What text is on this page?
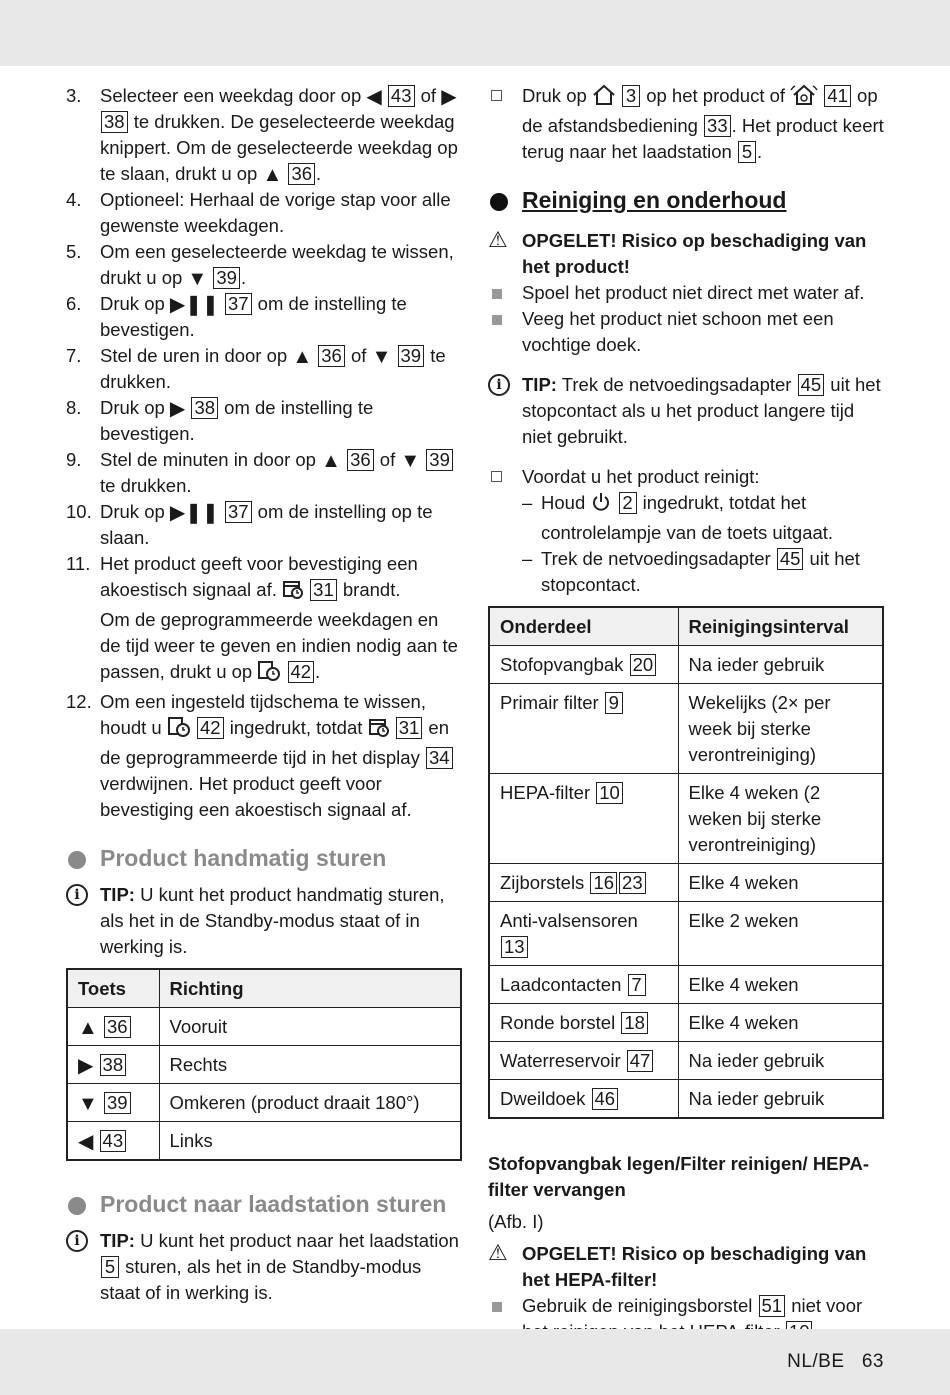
3. Selecteer een weekdag door op ◀ 43 of ▶ 38 te drukken. De geselecteerde weekdag knippert. Om de geselecteerde weekdag op te slaan, drukt u op ▲ 36 .
4. Optioneel: Herhaal de vorige stap voor alle gewenste weekdagen.
5. Om een geselecteerde weekdag te wissen, drukt u op ▼ 39 .
6. Druk op ▶❚❚ 37 om de instelling te bevestigen.
7. Stel de uren in door op ▲ 36 of ▼ 39 te drukken.
8. Druk op ▶ 38 om de instelling te bevestigen.
9. Stel de minuten in door op ▲ 36 of ▼ 39 te drukken.
10. Druk op ▶❚❚ 37 om de instelling op te slaan.
11. Het product geeft voor bevestiging een akoestisch signaal af.  31 brandt.
Om de geprogrammeerde weekdagen en de tijd weer te geven en indien nodig aan te passen, drukt u op  42 .
12. Om een ingesteld tijdschema te wissen, houdt u  42 ingedrukt, totdat  31 en de geprogrammeerde tijd in het display 34 verdwijnen. Het product geeft voor bevestiging een akoestisch signaal af.
Product handmatig sturen
i	TIP: U kunt het product handmatig sturen, als het in de Standby-modus staat of in werking is.
Toets	Richting
▲ 36	Vooruit
▶ 38	Rechts
▼ 39	Omkeren (product draait 180°)
◀ 43	Links
Product naar laadstation sturen
i	TIP: U kunt het product naar het laadstation 5 sturen, als het in de Standby-modus staat of in werking is.
Druk op  3 op het product of  41 op de afstandsbediening 33 . Het product keert terug naar het laadstation 5 .
Reiniging en onderhoud
⚠ OPGELET! Risico op beschadiging van het product!
Spoel het product niet direct met water af.
Veeg het product niet schoon met een vochtige doek.
i	TIP: Trek de netvoedingsadapter 45 uit het stopcontact als u het product langere tijd niet gebruikt.
Voordat u het product reinigt:
– Houd  2 ingedrukt, totdat het controlelampje van de toets uitgaat.
– Trek de netvoedingsadapter 45 uit het stopcontact.
Onderdeel	Reinigingsinterval
Stofopvangbak 20	Na ieder gebruik
Primair filter 9	Wekelijks (2× per week bij sterke verontreiniging)
HEPA-filter 10	Elke 4 weken (2 weken bij sterke verontreiniging)
Zijborstels 16 23	Elke 4 weken
Anti-valsensoren 13	Elke 2 weken
Laadcontacten 7	Elke 4 weken
Ronde borstel 18	Elke 4 weken
Waterreservoir 47	Na ieder gebruik
Dweildoek 46	Na ieder gebruik
Stofopvangbak legen/Filter reinigen/ HEPA-filter vervangen
(Afb. I)
⚠ OPGELET! Risico op beschadiging van het HEPA-filter!
Gebruik de reinigingsborstel 51 niet voor
NL/BE 63
